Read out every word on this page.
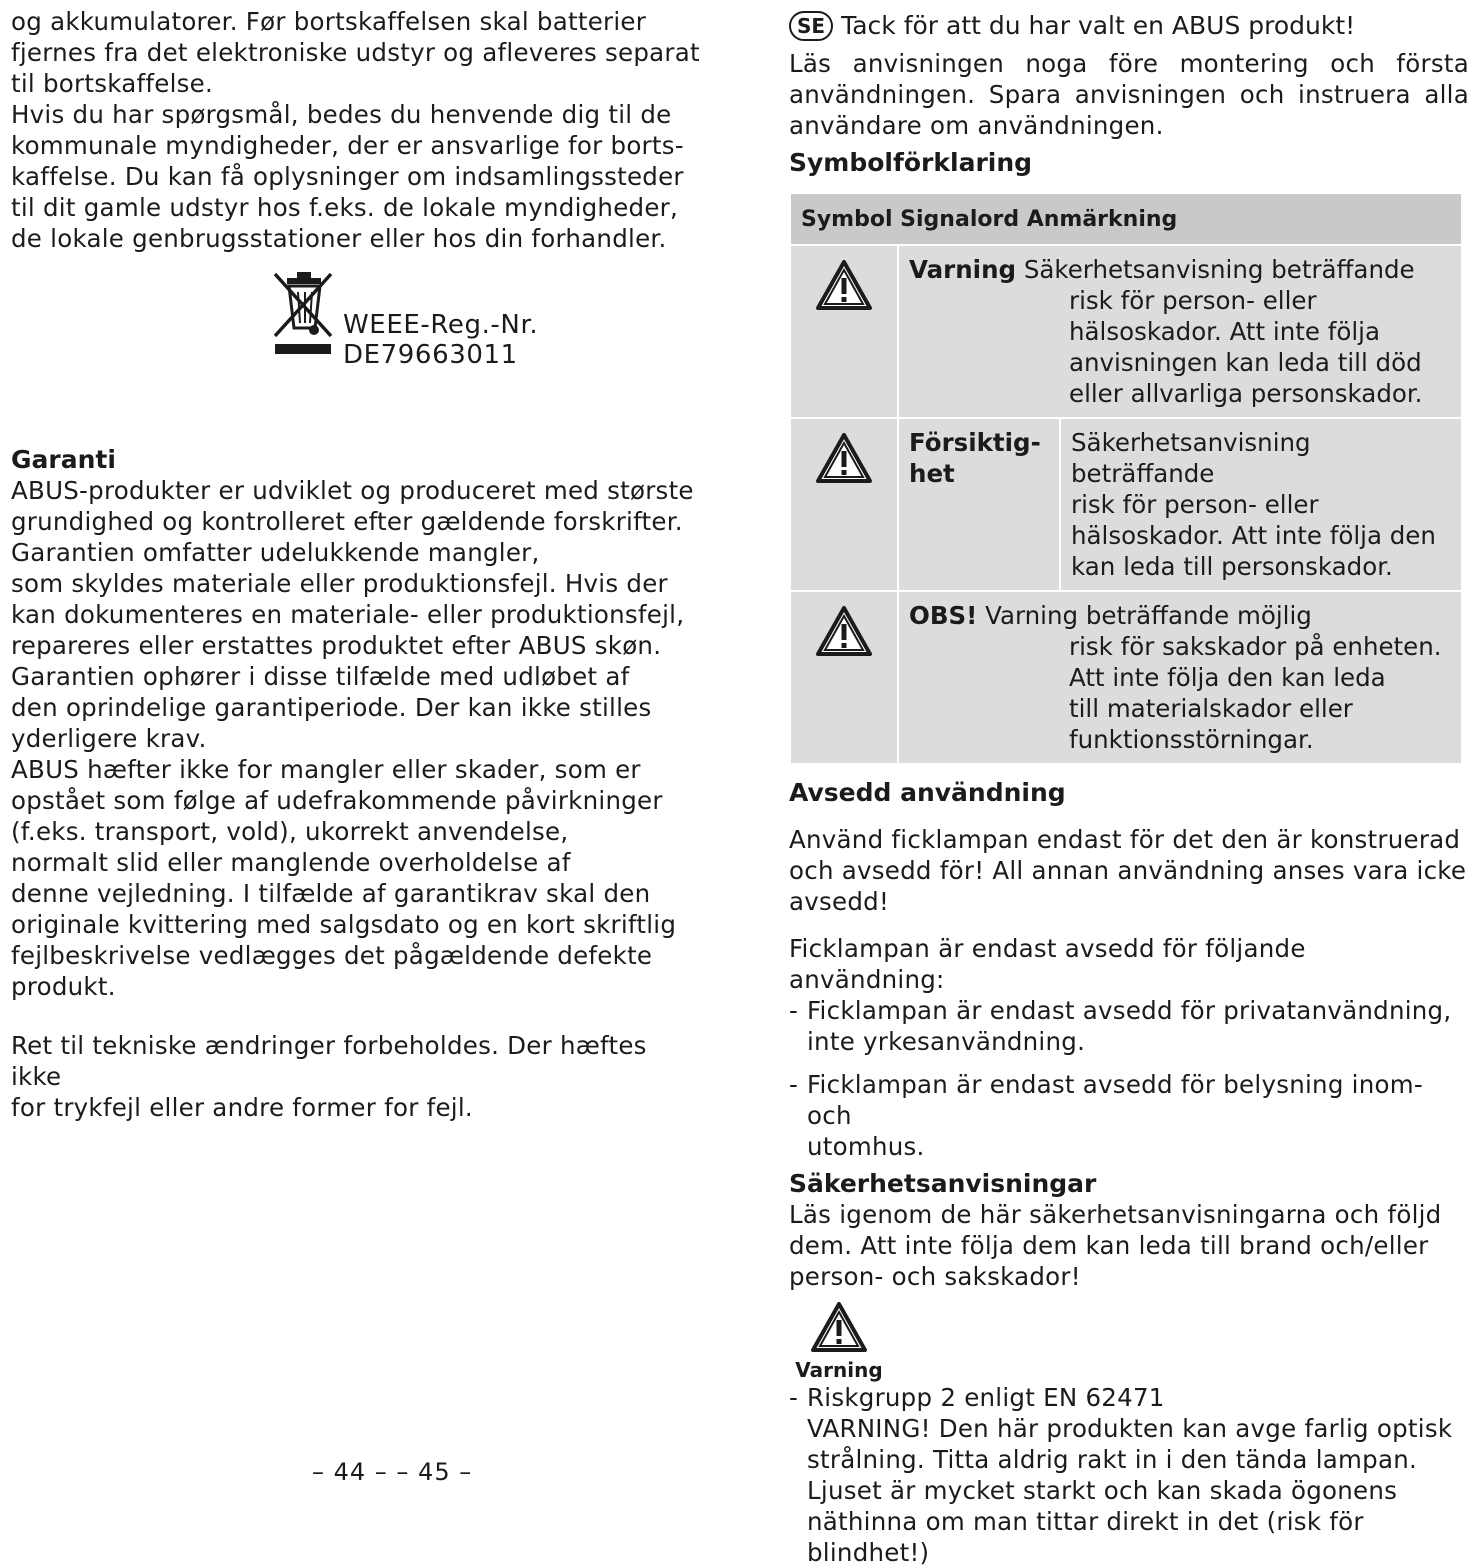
og akkumulatorer. Før bortskaffelsen skal batterier
fjernes fra det elektroniske udstyr og afleveres separat
til bortskaffelse.
Hvis du har spørgsmål, bedes du henvende dig til de
kommunale myndigheder, der er ansvarlige for borts-
kaffelse. Du kan få oplysninger om indsamlingssteder
til dit gamle udstyr hos f.eks. de lokale myndigheder,
de lokale genbrugsstationer eller hos din forhandler.

WEEE-Reg.-Nr. DE79663011

Garanti

ABUS-produkter er udviklet og produceret med største
grundighed og kontrolleret efter gældende forskrifter.
Garantien omfatter udelukkende mangler,
som skyldes materiale eller produktionsfejl. Hvis der
kan dokumenteres en materiale- eller produktionsfejl,
repareres eller erstattes produktet efter ABUS skøn.
Garantien ophører i disse tilfælde med udløbet af
den oprindelige garantiperiode. Der kan ikke stilles
yderligere krav.
ABUS hæfter ikke for mangler eller skader, som er
opstået som følge af udefrakommende påvirkninger
(f.eks. transport, vold), ukorrekt anvendelse,
normalt slid eller manglende overholdelse af
denne vejledning. I tilfælde af garantikrav skal den
originale kvittering med salgsdato og en kort skriftlig
fejlbeskrivelse vedlægges det pågældende defekte
produkt.

Ret til tekniske ændringer forbeholdes. Der hæftes ikke
for trykfejl eller andre former for fejl.

SE Tack för att du har valt en ABUS produkt!

Läs anvisningen noga före montering och första användningen. Spara anvisningen och instruera alla användare om användningen.

Symbolförklaring

Symbol Signalord Anmärkning		
	Varning Säkerhetsanvisning beträffande
risk för person- eller
hälsoskador. Att inte följa
anvisningen kan leda till död
eller allvarliga personskador.	

	Försiktig-
het	Säkerhetsanvisning beträffande
risk för person- eller
hälsoskador. Att inte följa den
kan leda till personskador.
	OBS! Varning beträffande möjlig
risk för sakskador på enheten.
Att inte följa den kan leda
till materialskador eller
funktionsstörningar.	

Avsedd användning

Använd ficklampan endast för det den är konstruerad
och avsedd för! All annan användning anses vara icke
avsedd!

Ficklampan är endast avsedd för följande användning:

- Ficklampan är endast avsedd för privatanvändning,
inte yrkesanvändning.
- Ficklampan är endast avsedd för belysning inom- och
utomhus.

Säkerhetsanvisningar

Läs igenom de här säkerhetsanvisningarna och följd
dem. Att inte följa dem kan leda till brand och/eller
person- och sakskador!

Varning
- Riskgrupp 2 enligt EN 62471
VARNING! Den här produkten kan avge farlig optisk
strålning. Titta aldrig rakt in i den tända lampan.
Ljuset är mycket starkt och kan skada ögonens
näthinna om man tittar direkt in det (risk för blindhet!)
– 44 – – 45 –
